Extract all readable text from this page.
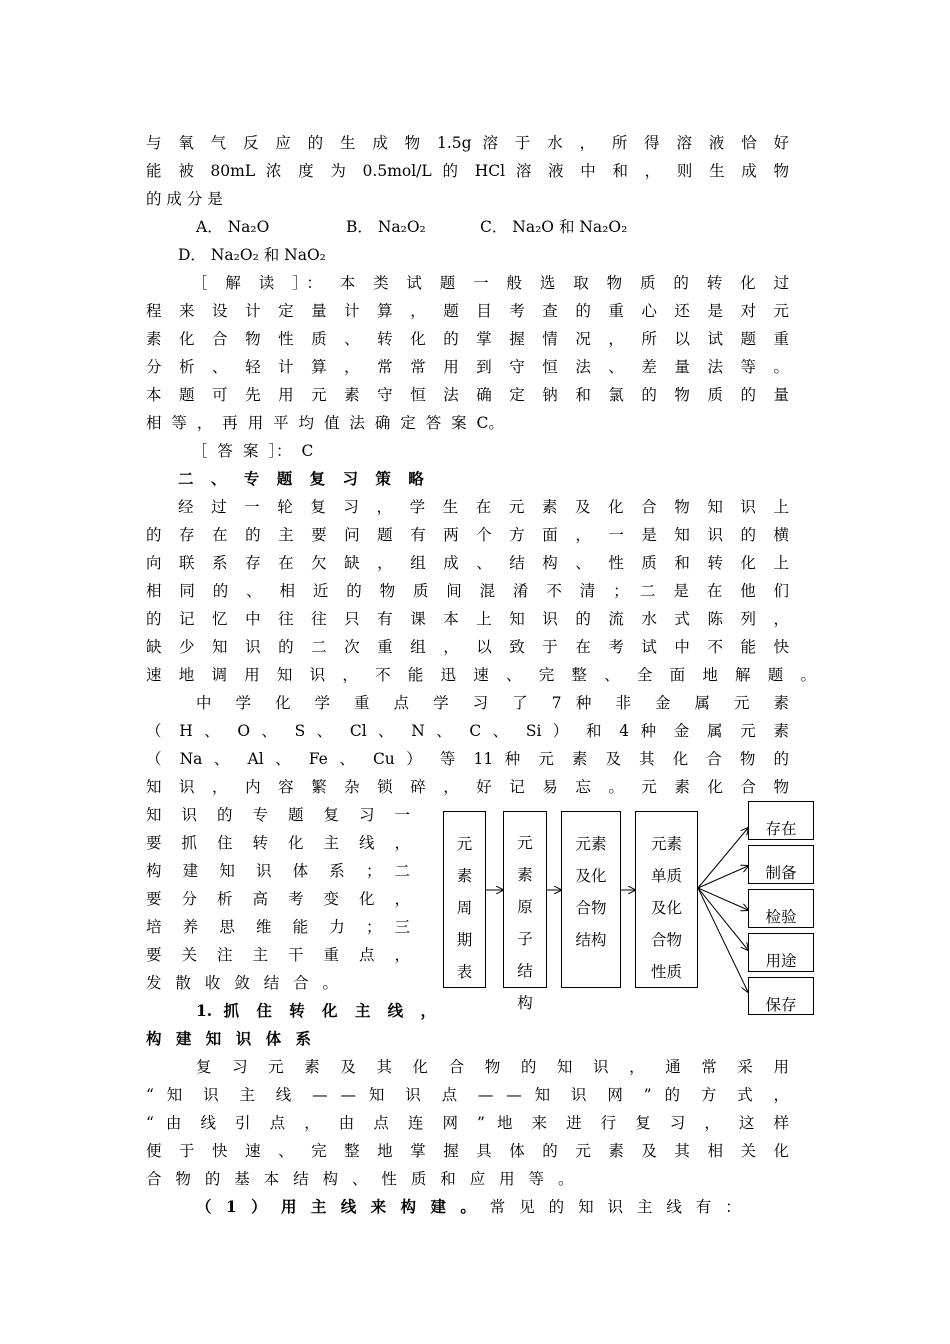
与 氧 气 反 应 的 生 成 物 1.5g 溶 于 水 ， 所 得 溶 液 恰 好
能 被 80mL 浓 度 为 0.5mol/L 的 HCl 溶 液 中 和 ， 则 生 成 物
的 成 分 是
A． Na₂O	B． Na₂O₂	C． Na₂O 和 Na₂O₂
D． Na₂O₂ 和 NaO₂
［ 解 读 ］： 本 类 试 题 一 般 选 取 物 质 的 转 化 过
程 来 设 计 定 量 计 算 ， 题 目 考 查 的 重 心 还 是 对 元
素 化 合 物 性 质 、 转 化 的 掌 握 情 况 ， 所 以 试 题 重
分 析 、 轻 计 算 ， 常 常 用 到 守 恒 法 、 差 量 法 等 。
本 题 可 先 用 元 素 守 恒 法 确 定 钠 和 氯 的 物 质 的 量
相 等 ， 再 用 平 均 值 法 确 定 答 案 C。
［ 答 案 ］： C
二 、 专 题 复 习 策 略
经 过 一 轮 复 习 ， 学 生 在 元 素 及 化 合 物 知 识 上
的 存 在 的 主 要 问 题 有 两 个 方 面 ， 一 是 知 识 的 横
向 联 系 存 在 欠 缺 ， 组 成 、 结 构 、 性 质 和 转 化 上
相 同 的 、 相 近 的 物 质 间 混 淆 不 清 ； 二 是 在 他 们
的 记 忆 中 往 往 只 有 课 本 上 知 识 的 流 水 式 陈 列 ，
缺 少 知 识 的 二 次 重 组 ， 以 致 于 在 考 试 中 不 能 快
速 地 调 用 知 识 ， 不 能 迅 速 、 完 整 、 全 面 地 解 题 。
中 学 化 学 重 点 学 习 了 7 种 非 金 属 元 素
（ H 、 O 、 S 、 Cl 、 N 、 C 、 Si ） 和 4 种 金 属 元 素
（ Na 、 Al 、 Fe 、 Cu ） 等 11 种 元 素 及 其 化 合 物 的
知 识 ， 内 容 繁 杂 锁 碎 ， 好 记 易 忘 。 元 素 化 合 物
知 识 的 专 题 复 习 一
要 抓 住 转 化 主 线 ，
构 建 知 识 体 系 ； 二
要 分 析 高 考 变 化 ，
培 养 思 维 能 力 ； 三
要 关 注 主 干 重 点 ，
发 散 收 敛 结 合 。
1. 抓 住 转 化 主 线 ，
构 建 知 识 体 系
复 习 元 素 及 其 化 合 物 的 知 识 ， 通 常 采 用
“ 知 识 主 线 — — 知 识 点 — — 知 识 网 ” 的 方 式 ，
“ 由 线 引 点 ， 由 点 连 网 ” 地 来 进 行 复 习 ， 这 样
便 于 快 速 、 完 整 地 掌 握 具 体 的 元 素 及 其 相 关 化
合 物 的 基 本 结 构 、 性 质 和 应 用 等 。
（ 1 ） 用 主 线 来 构 建 。 常 见 的 知 识 主 线 有 ：
元
素
周
期
表
元
素
原
子
结
构
元素
及化
合物
结构
元素
单质
及化
合物
性质
存在
制备
检验
用途
保存
